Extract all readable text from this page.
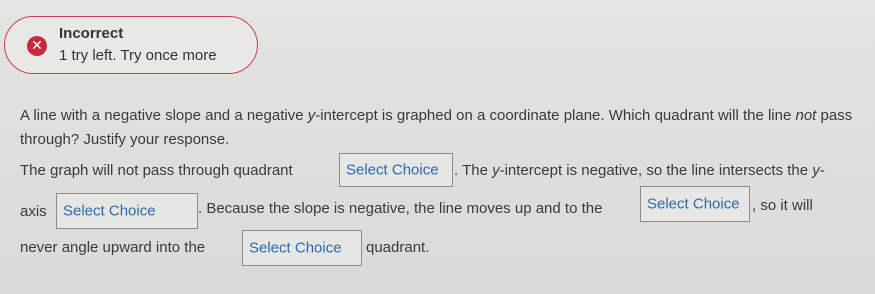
✕
Incorrect
1 try left. Try once more
A line with a negative slope and a negative y-intercept is graphed on a coordinate plane. Which quadrant will the line not pass through? Justify your response.
The graph will not pass through quadrant	Select Choice . The y-intercept is negative, so the line intersects the y-
axis Select Choice	. Because the slope is negative, the line moves up and to the	Select Choice , so it will
never angle upward into the	Select Choice quadrant.
